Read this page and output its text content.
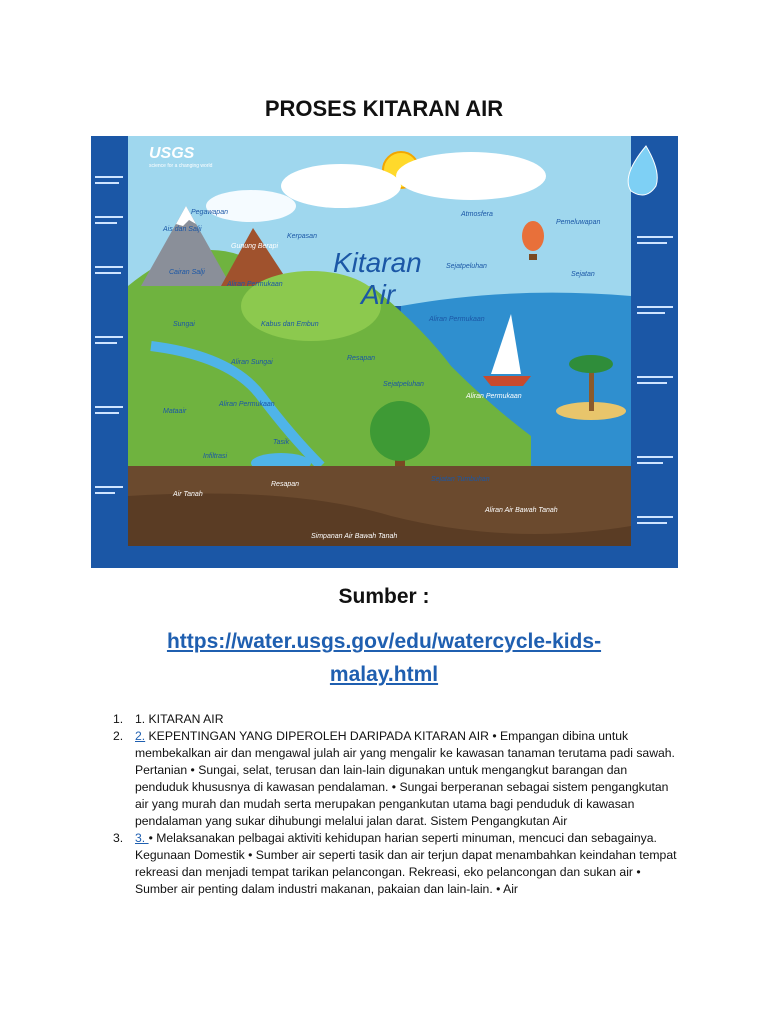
PROSES KITARAN AIR
USGS
science for a changing world
Kitaran
Air
Pegawapan
Ais dan Salji
Gunung Berapi
Cairan Salji
Aliran Permukaan
Kerpasan
Atmosfera
Pemeluwapan
Sejatpeluhan
Sejatan
Sungai	Kabus dan Embun
Aliran Sungai
Resapan
Aliran Permukaan
Sejatpeluhan
Aliran Permukaan
Aliran Permukaan
Mataair
Tasik
Infiltrasi
Resapan
Sejatan Tumbuhan
Air Tanah
Aliran Air Bawah Tanah
Simpanan Air Bawah Tanah
Sumber :
https://water.usgs.gov/edu/watercycle-kids-
malay.html
1. 1. KITARAN AIR
2. 2. KEPENTINGAN YANG DIPEROLEH DARIPADA KITARAN AIR • Empangan dibina untuk membekalkan air dan mengawal julah air yang mengalir ke kawasan tanaman terutama padi sawah. Pertanian • Sungai, selat, terusan dan lain-lain digunakan untuk mengangkut barangan dan penduduk khususnya di kawasan pendalaman. • Sungai berperanan sebagai sistem pengangkutan air yang murah dan mudah serta merupakan pengankutan utama bagi penduduk di kawasan pendalaman yang sukar dihubungi melalui jalan darat. Sistem Pengangkutan Air
3. 3. • Melaksanakan pelbagai aktiviti kehidupan harian seperti minuman, mencuci dan sebagainya. Kegunaan Domestik • Sumber air seperti tasik dan air terjun dapat menambahkan keindahan tempat rekreasi dan menjadi tempat tarikan pelancongan. Rekreasi, eko pelancongan dan sukan air • Sumber air penting dalam industri makanan, pakaian dan lain-lain. • Air
